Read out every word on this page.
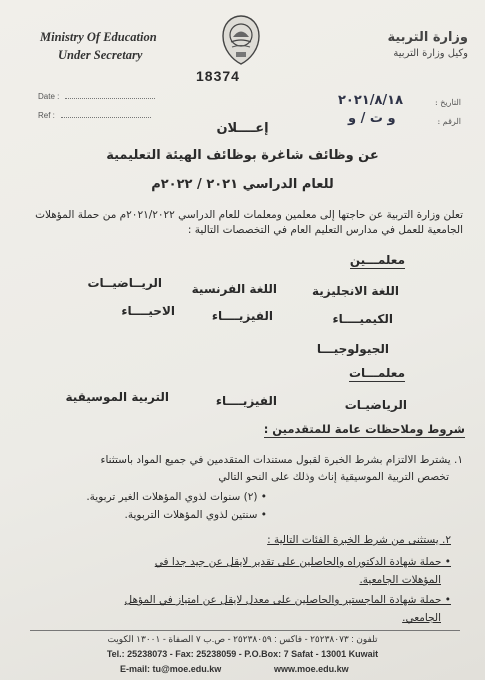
Ministry Of Education
Under Secretary
وزارة التربية
وكيل وزارة التربية
18374
Date :
Ref :
التاريخ :
٢٠٢١/٨/١٨
الرقم :
و ت / و
إعــــلان
عن وظائف شاغرة بوظائف الهيئة التعليمية
للعام الدراسي ٢٠٢١ / ٢٠٢٢م
تعلن وزارة التربية عن حاجتها إلى معلمين ومعلمات للعام الدراسي ٢٠٢١/٢٠٢٢م من حملة المؤهلات الجامعية للعمل في مدارس التعليم العام في التخصصات التالية :
معلمـــين
اللغة الانجليزية
اللغة الفرنسية
الريــاضيــات
الكيميــــاء
الفيزيــــاء
الاحيــــاء
الجيولوجيـــا
معلمـــات
الرياضيـات
الفيزيــــاء
التربية الموسيقية
شروط وملاحظات عامة للمتقدمين :
١. يشترط الالتزام بشرط الخبرة لقبول مستندات المتقدمين في جميع المواد باستثناء
تخصص التربية الموسيقية إناث وذلك على النحو التالي
• (٢) سنوات لذوي المؤهلات الغير تربوية.
• سنتين لذوي المؤهلات التربوية.
٢. يستثنى من شرط الخبرة الفئات التالية :
• حملة شهادة الدكتوراه والحاصلين على تقدير لايقل عن جيد جدا في
المؤهلات الجامعية.
• حملة شهادة الماجستير والحاصلين على معدل لايقل عن امتياز في المؤهل
الجامعي.
تلفون : ٢٥٢٣٨٠٧٣ - فاكس : ٢٥٢٣٨٠٥٩ - ص.ب ٧ الصفاة - ١٣٠٠١ الكويت
Tel.: 25238073 - Fax: 25238059 - P.O.Box: 7 Safat - 13001 Kuwait
E-mail: tu@moe.edu.kw	www.moe.edu.kw
